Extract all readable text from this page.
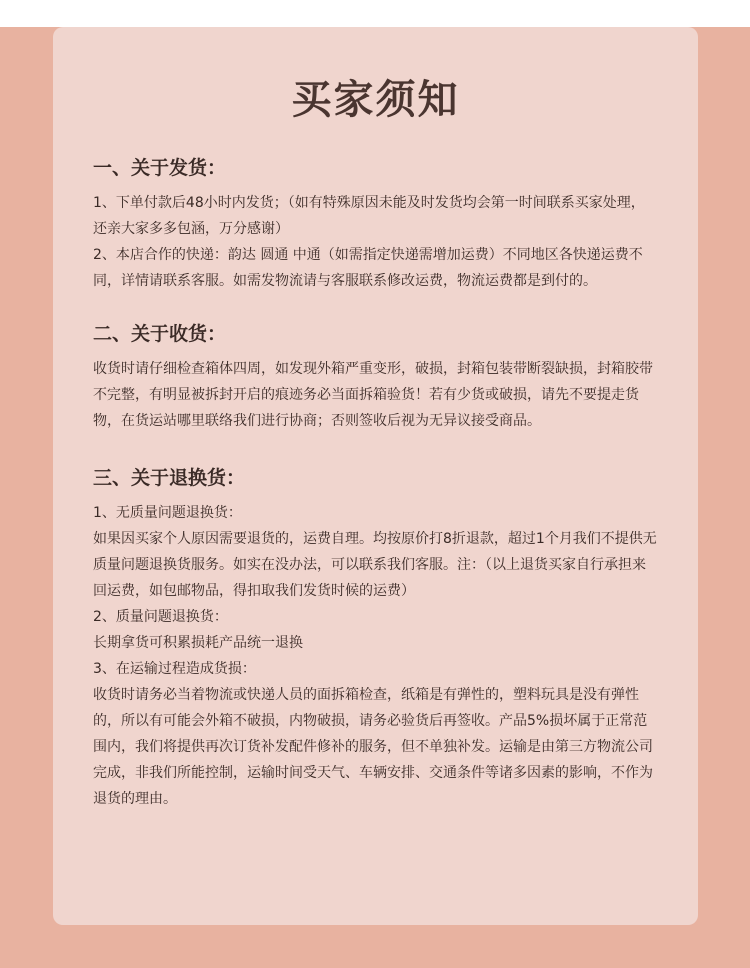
买家须知
一、关于发货：
1、下单付款后48小时内发货；（如有特殊原因未能及时发货均会第一时间联系买家处理，还亲大家多多包涵，万分感谢）
2、本店合作的快递：韵达 圆通 中通（如需指定快递需增加运费）不同地区各快递运费不同，详情请联系客服。如需发物流请与客服联系修改运费，物流运费都是到付的。
二、关于收货：
收货时请仔细检查箱体四周，如发现外箱严重变形，破损，封箱包装带断裂缺损，封箱胶带不完整，有明显被拆封开启的痕迹务必当面拆箱验货！若有少货或破损，请先不要提走货物，在货运站哪里联络我们进行协商；否则签收后视为无异议接受商品。
三、关于退换货：
1、无质量问题退换货：
如果因买家个人原因需要退货的，运费自理。均按原价打8折退款，超过1个月我们不提供无质量问题退换货服务。如实在没办法，可以联系我们客服。注：（以上退货买家自行承担来回运费，如包邮物品，得扣取我们发货时候的运费）
2、质量问题退换货：
长期拿货可积累损耗产品统一退换
3、在运输过程造成货损：
收货时请务必当着物流或快递人员的面拆箱检查，纸箱是有弹性的，塑料玩具是没有弹性的，所以有可能会外箱不破损，内物破损，请务必验货后再签收。产品5%损坏属于正常范围内，我们将提供再次订货补发配件修补的服务，但不单独补发。运输是由第三方物流公司完成，非我们所能控制，运输时间受天气、车辆安排、交通条件等诸多因素的影响，不作为退货的理由。
